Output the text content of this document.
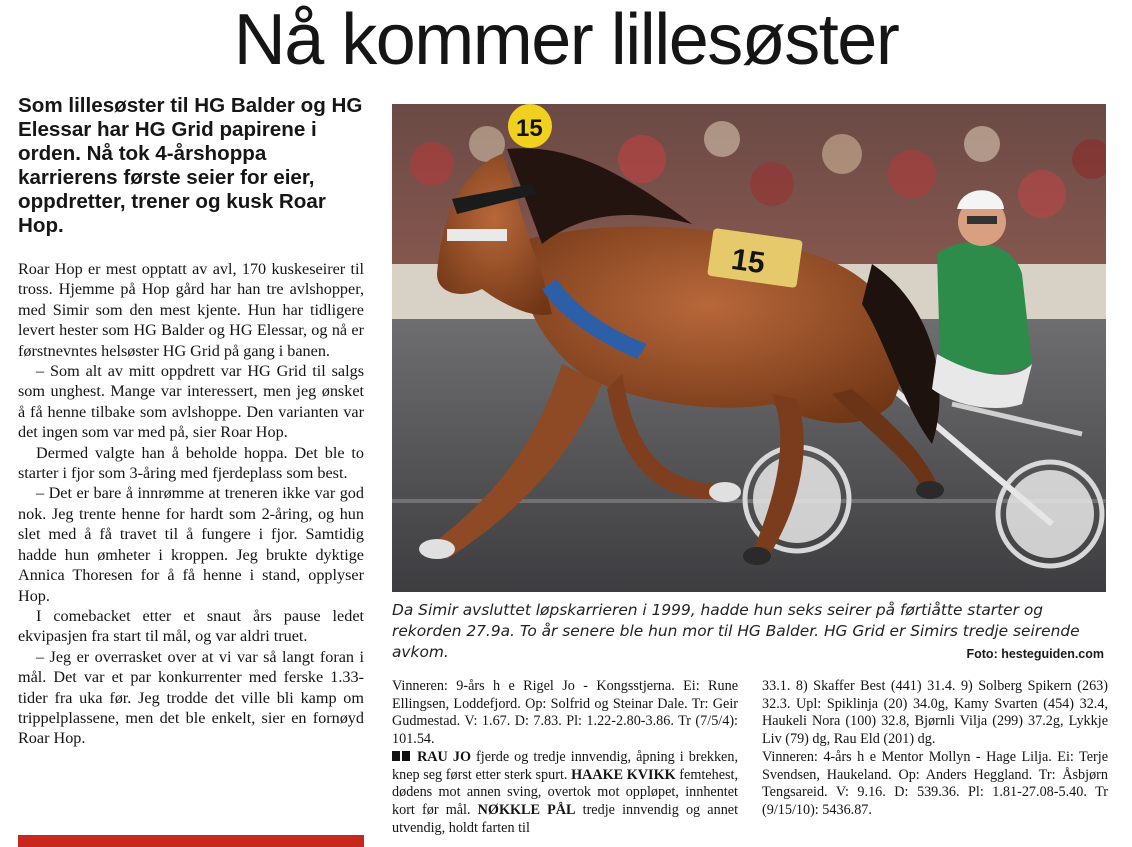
Nå kommer lillesøster

Som lillesøster til HG Balder og HG Elessar har HG Grid papirene i orden. Nå tok 4-årshoppa karrierens første seier for eier, oppdretter, trener og kusk Roar Hop.

Roar Hop er mest opptatt av avl, 170 kuskeseirer til tross. Hjemme på Hop gård har han tre avlshopper, med Simir som den mest kjente. Hun har tidligere levert hester som HG Balder og HG Elessar, og nå er førstnevntes helsøster HG Grid på gang i banen.

– Som alt av mitt oppdrett var HG Grid til salgs som unghest. Mange var interessert, men jeg ønsket å få henne tilbake som avlshoppe. Den varianten var det ingen som var med på, sier Roar Hop.

Dermed valgte han å beholde hoppa. Det ble to starter i fjor som 3-åring med fjerdeplass som best.

– Det er bare å innrømme at treneren ikke var god nok. Jeg trente henne for hardt som 2-åring, og hun slet med å få travet til å fungere i fjor. Samtidig hadde hun ømheter i kroppen. Jeg brukte dyktige Annica Thoresen for å få henne i stand, opplyser Hop.

I comebacket etter et snaut års pause ledet ekvipasjen fra start til mål, og var aldri truet.

– Jeg er overrasket over at vi var så langt foran i mål. Det var et par konkurrenter med ferske 1.33-tider fra uka før. Jeg trodde det ville bli kamp om trippelplassene, men det ble enkelt, sier en fornøyd Roar Hop.

15
15

Da Simir avsluttet løpskarrieren i 1999, hadde hun seks seirer på førtiåtte starter og rekorden 27.9a. To år senere ble hun mor til HG Balder. HG Grid er Simirs tredje seirende avkom.	Foto: hesteguiden.com

Vinneren: 9-års h e Rigel Jo - Kongsstjerna. Ei: Rune Ellingsen, Loddefjord. Op: Solfrid og Steinar Dale. Tr: Geir Gudmestad. V: 1.67. D: 7.83. Pl: 1.22-2.80-3.86. Tr (7/5/4): 101.54.

RAU JO fjerde og tredje innvendig, åpning i brekken, knep seg først etter sterk spurt. HAAKE KVIKK femtehest, dødens mot annen sving, overtok mot oppløpet, innhentet kort før mål. NØKKLE PÅL tredje innvendig og annet utvendig, holdt farten til

33.1. 8) Skaffer Best (441) 31.4. 9) Solberg Spikern (263) 32.3. Upl: Spiklinja (20) 34.0g, Kamy Svarten (454) 32.4, Haukeli Nora (100) 32.8, Bjørnli Vilja (299) 37.2g, Lykkje Liv (79) dg, Rau Eld (201) dg.

Vinneren: 4-års h e Mentor Mollyn - Hage Lilja. Ei: Terje Svendsen, Haukeland. Op: Anders Heggland. Tr: Åsbjørn Tengsareid. V: 9.16. D: 539.36. Pl: 1.81-27.08-5.40. Tr (9/15/10): 5436.87.
